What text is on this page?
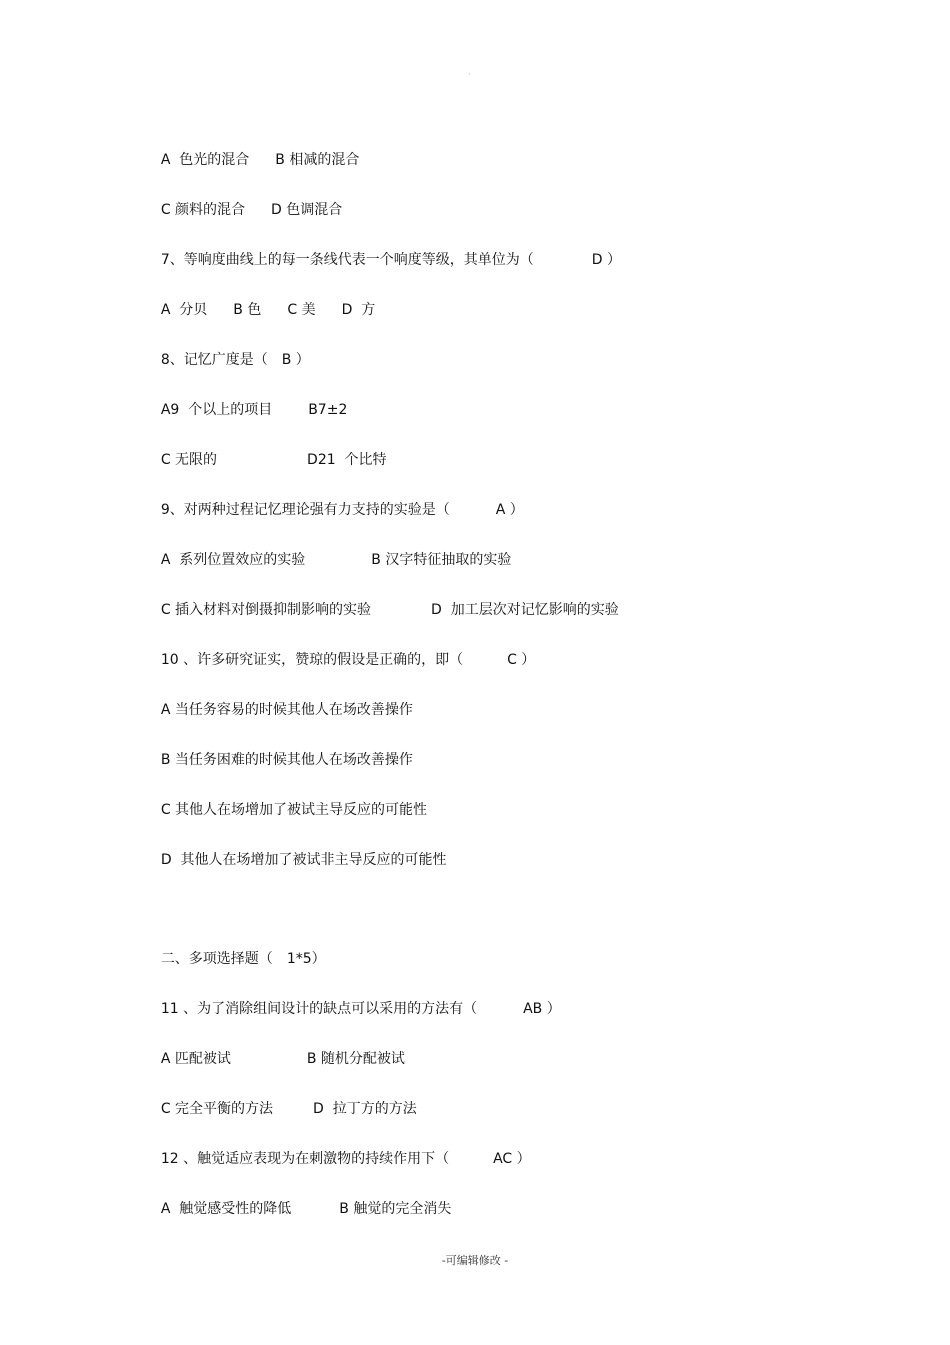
·

A  色光的混合 B 相减的混合

C 颜料的混合 D 色调混合

7、等响度曲线上的每一条线代表一个响度等级，其单位为（	D ）

A  分贝 B 色 C 美 D  方

8、记忆广度是（ B ）

A9  个以上的项目	B7±2

C 无限的	D21  个比特

9、对两种过程记忆理论强有力支持的实验是（	A ）

A  系列位置效应的实验	B 汉字特征抽取的实验

C 插入材料对倒摄抑制影响的实验	D  加工层次对记忆影响的实验

10 、许多研究证实，赞琼的假设是正确的，即（	C ）

A 当任务容易的时候其他人在场改善操作

B 当任务困难的时候其他人在场改善操作

C 其他人在场增加了被试主导反应的可能性

D  其他人在场增加了被试非主导反应的可能性

二、多项选择题（ 1*5）

11 、为了消除组间设计的缺点可以采用的方法有（	AB ）

A 匹配被试	B 随机分配被试

C 完全平衡的方法	D  拉丁方的方法

12 、触觉适应表现为在刺激物的持续作用下（	AC ）

A  触觉感受性的降低	B 触觉的完全消失

-可编辑修改 -
